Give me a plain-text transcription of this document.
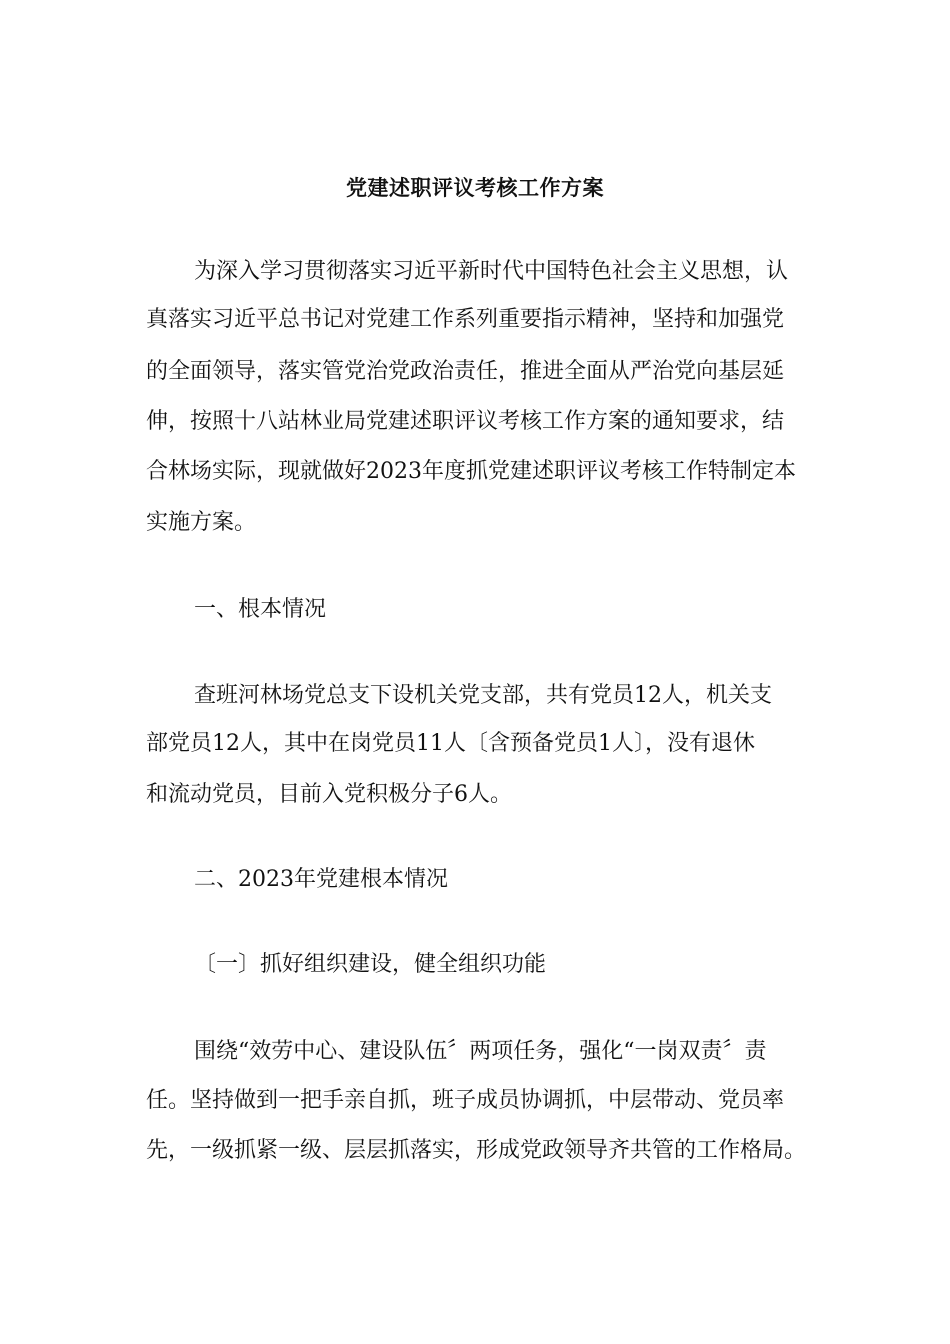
党建述职评议考核工作方案
为深入学习贯彻落实习近平新时代中国特色社会主义思想，认
真落实习近平总书记对党建工作系列重要指示精神，坚持和加强党
的全面领导，落实管党治党政治责任，推进全面从严治党向基层延
伸，按照十八站林业局党建述职评议考核工作方案的通知要求，结
合林场实际，现就做好2023年度抓党建述职评议考核工作特制定本
实施方案。
一、根本情况
查班河林场党总支下设机关党支部，共有党员12人，机关支
部党员12人，其中在岗党员11人〔含预备党员1人〕，没有退休
和流动党员，目前入党积极分子6人。
二、2023年党建根本情况
〔一〕抓好组织建设，健全组织功能
围绕“效劳中心、建设队伍〞两项任务，强化“一岗双责〞责
任。坚持做到一把手亲自抓，班子成员协调抓，中层带动、党员率
先，一级抓紧一级、层层抓落实，形成党政领导齐共管的工作格局。
